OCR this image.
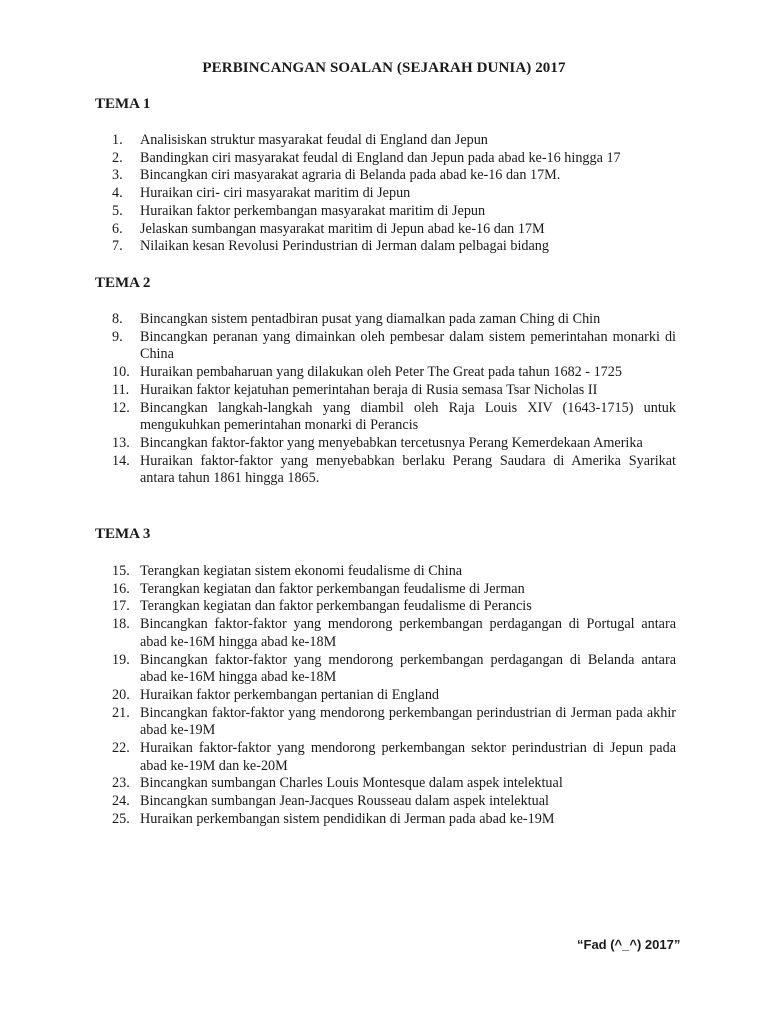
PERBINCANGAN SOALAN (SEJARAH DUNIA) 2017
TEMA 1
1.	Analisiskan struktur masyarakat feudal di England dan Jepun
2.	Bandingkan ciri masyarakat feudal di England dan Jepun pada abad ke-16 hingga 17
3.	Bincangkan ciri masyarakat agraria di Belanda pada abad ke-16 dan 17M.
4.	Huraikan ciri- ciri masyarakat maritim di Jepun
5.	Huraikan faktor perkembangan masyarakat maritim di Jepun
6.	Jelaskan sumbangan masyarakat maritim di Jepun abad ke-16 dan 17M
7.	Nilaikan kesan Revolusi Perindustrian di Jerman dalam pelbagai bidang
TEMA 2
8.	Bincangkan sistem pentadbiran pusat yang diamalkan pada zaman Ching di Chin
9.	Bincangkan peranan yang dimainkan oleh pembesar dalam sistem pemerintahan monarki di China
10. Huraikan pembaharuan yang dilakukan oleh Peter The Great pada tahun 1682 - 1725
11. Huraikan faktor kejatuhan pemerintahan beraja di Rusia semasa Tsar Nicholas II
12. Bincangkan langkah-langkah yang diambil oleh Raja Louis XIV (1643-1715) untuk mengukuhkan pemerintahan monarki di Perancis
13. Bincangkan faktor-faktor yang menyebabkan tercetusnya Perang Kemerdekaan Amerika
14. Huraikan faktor-faktor yang menyebabkan berlaku Perang Saudara di Amerika Syarikat antara tahun 1861 hingga 1865.
TEMA 3
15. Terangkan kegiatan sistem ekonomi feudalisme di China
16. Terangkan kegiatan dan faktor perkembangan feudalisme di Jerman
17. Terangkan kegiatan dan faktor perkembangan feudalisme di Perancis
18. Bincangkan faktor-faktor yang mendorong perkembangan perdagangan di Portugal antara abad ke-16M hingga abad ke-18M
19. Bincangkan faktor-faktor yang mendorong perkembangan perdagangan di Belanda antara abad ke-16M hingga abad ke-18M
20. Huraikan faktor perkembangan pertanian di England
21. Bincangkan faktor-faktor yang mendorong perkembangan perindustrian di Jerman pada akhir abad ke-19M
22. Huraikan faktor-faktor yang mendorong perkembangan sektor perindustrian di Jepun pada abad ke-19M dan ke-20M
23. Bincangkan sumbangan Charles Louis Montesque dalam aspek intelektual
24. Bincangkan sumbangan Jean-Jacques Rousseau dalam aspek intelektual
25. Huraikan perkembangan sistem pendidikan di Jerman pada abad ke-19M
“Fad (^_^) 2017”
